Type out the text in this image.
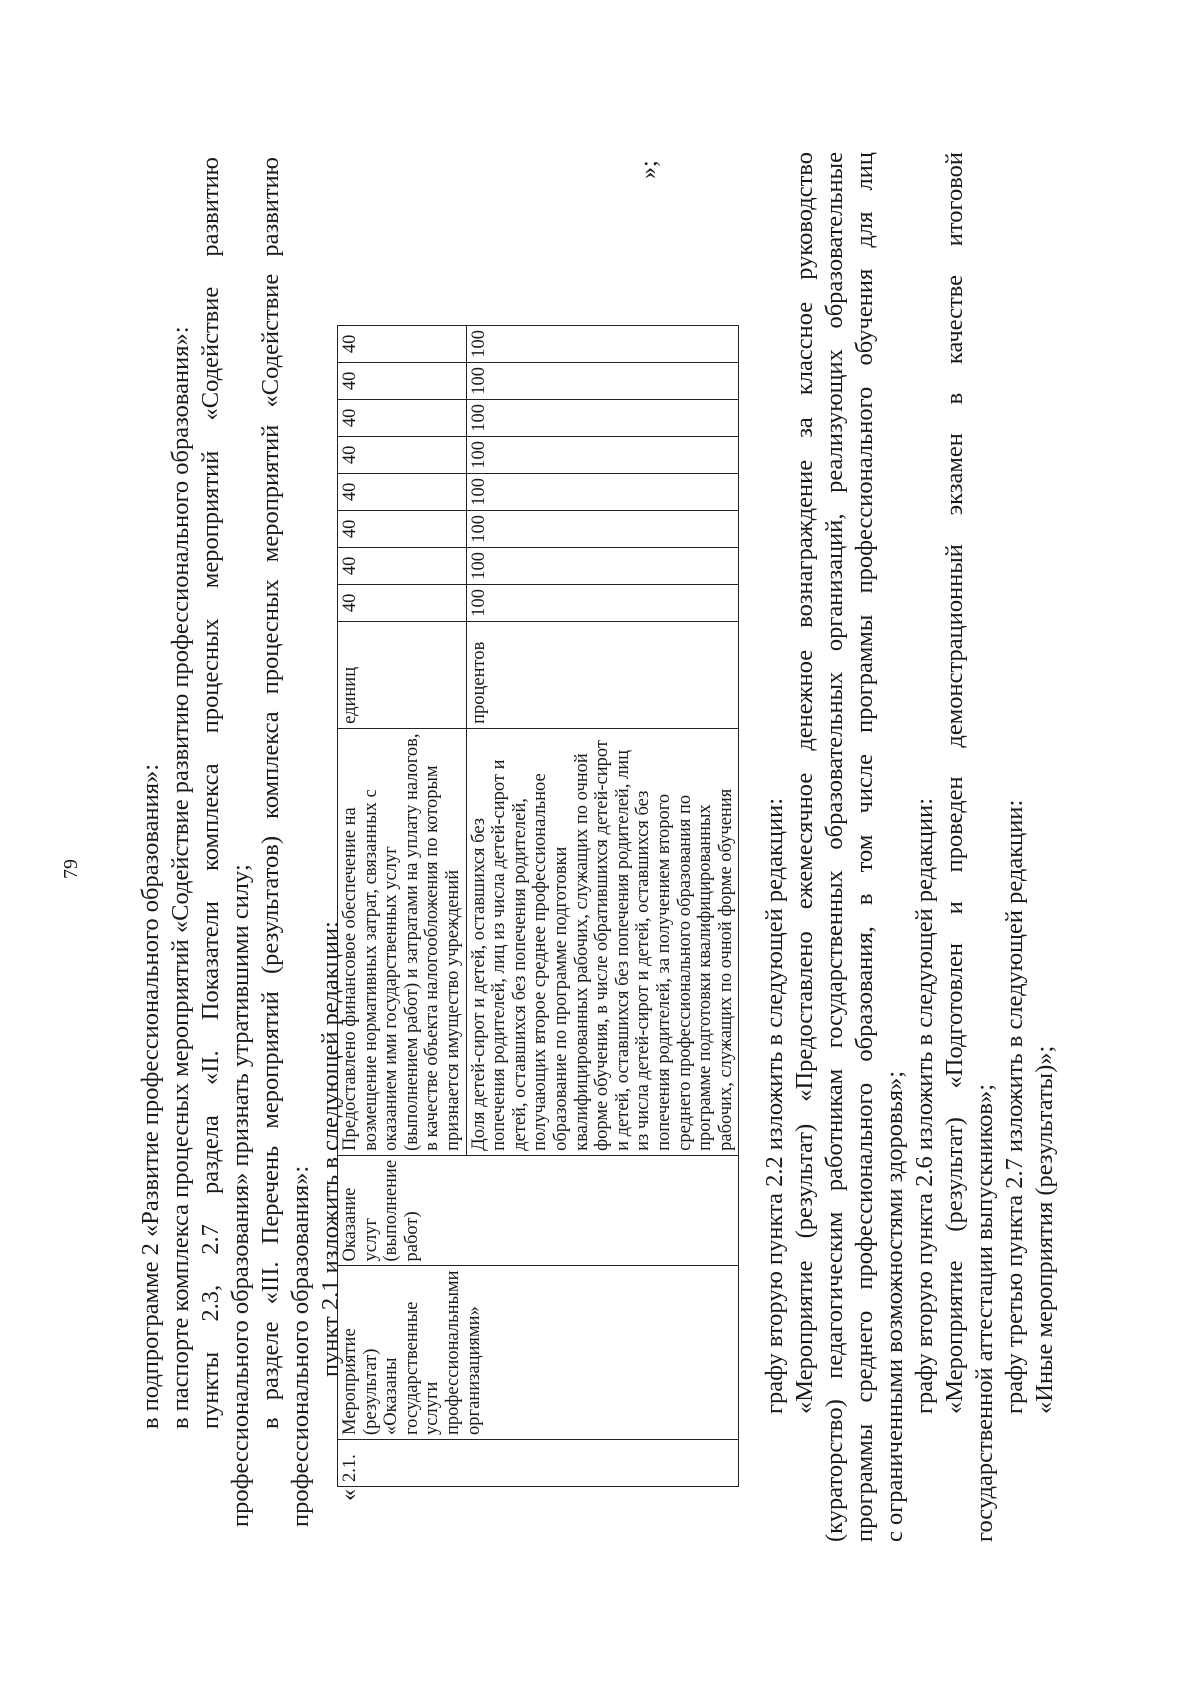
79 в подпрограмме 2 «Развитие профессионального образования»: в паспорте комплекса процесных мероприятий «Содействие развитию профессионального образования»: пункты 2.3, 2.7 раздела «II. Показатели комплекса процесных мероприятий «Содействие развитию профессионального образования» признать утратившими силу; в разделе «III. Перечень мероприятий (результатов) комплекса процесных мероприятий «Содействие развитию профессионального образования»: пункт 2.1 изложить в следующей редакции:
«
2.1.	Мероприятие (результат) «Оказаны государственные услуги профессиональными организациями»	Оказание услуг (выполнение работ)	Предоставлено финансовое обеспечение на возмещение нормативных затрат, связанных с оказанием ими государственных услуг (выполнением работ) и затратами на уплату налогов, в качестве объекта налогообложения по которым признается имущество учреждений	единиц	40	40	40	40	40	40	40	40
			Доля детей-сирот и детей, оставшихся без попечения родителей, лиц из числа детей-сирот и детей, оставшихся без попечения родителей, получающих второе среднее профессиональное образование по программе подготовки квалифицированных рабочих, служащих по очной форме обучения, в числе обратившихся детей-сирот и детей, оставшихся без попечения родителей, лиц из числа детей-сирот и детей, оставшихся без попечения родителей, за получением второго среднего профессионального образования по программе подготовки квалифицированных рабочих, служащих по очной форме обучения	процентов	100	100	100	100	100	100	100	100
»;
графу вторую пункта 2.2 изложить в следующей редакции: «Мероприятие (результат) «Предоставлено ежемесячное денежное вознаграждение за классное руководство (кураторство) педагогическим работникам государственных образовательных организаций, реализующих образовательные программы среднего профессионального образования, в том числе программы профессионального обучения для лиц с ограниченными возможностями здоровья»; графу вторую пункта 2.6 изложить в следующей редакции: «Мероприятие (результат) «Подготовлен и проведен демонстрационный экзамен в качестве итоговой государственной аттестации выпускников»; графу третью пункта 2.7 изложить в следующей редакции: «Иные мероприятия (результаты)»;
